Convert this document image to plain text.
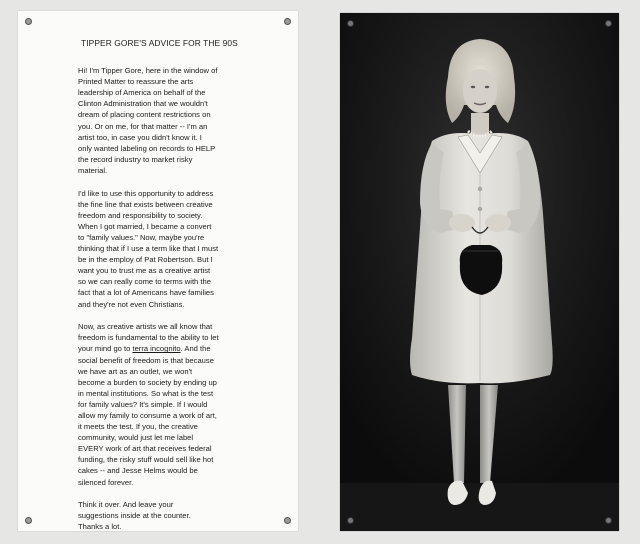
TIPPER GORE'S ADVICE FOR THE 90S
Hi! I'm Tipper Gore, here in the window of
Printed Matter to reassure the arts
leadership of America on behalf of the
Clinton Administration that we wouldn't
dream of placing content restrictions on
you. Or on me, for that matter -- I'm an
artist too, in case you didn't know it. I
only wanted labeling on records to HELP
the record industry to market risky
material.
I'd like to use this opportunity to address
the fine line that exists between creative
freedom and responsibility to society.
When I got married, I became a convert
to "family values." Now, maybe you're
thinking that if I use a term like that I must
be in the employ of Pat Robertson. But I
want you to trust me as a creative artist
so we can really come to terms with the
fact that a lot of Americans have families
and they're not even Christians.
Now, as creative artists we all know that
freedom is fundamental to the ability to let
your mind go to terra incognito. And the
social benefit of freedom is that because
we have art as an outlet, we won't
become a burden to society by ending up
in mental institutions. So what is the test
for family values? It's simple. If I would
allow my family to consume a work of art,
it meets the test. If you, the creative
community, would just let me label
EVERY work of art that receives federal
funding, the risky stuff would sell like hot
cakes -- and Jesse Helms would be
silenced forever.
Think it over. And leave your
suggestions inside at the counter.
Thanks a lot.
